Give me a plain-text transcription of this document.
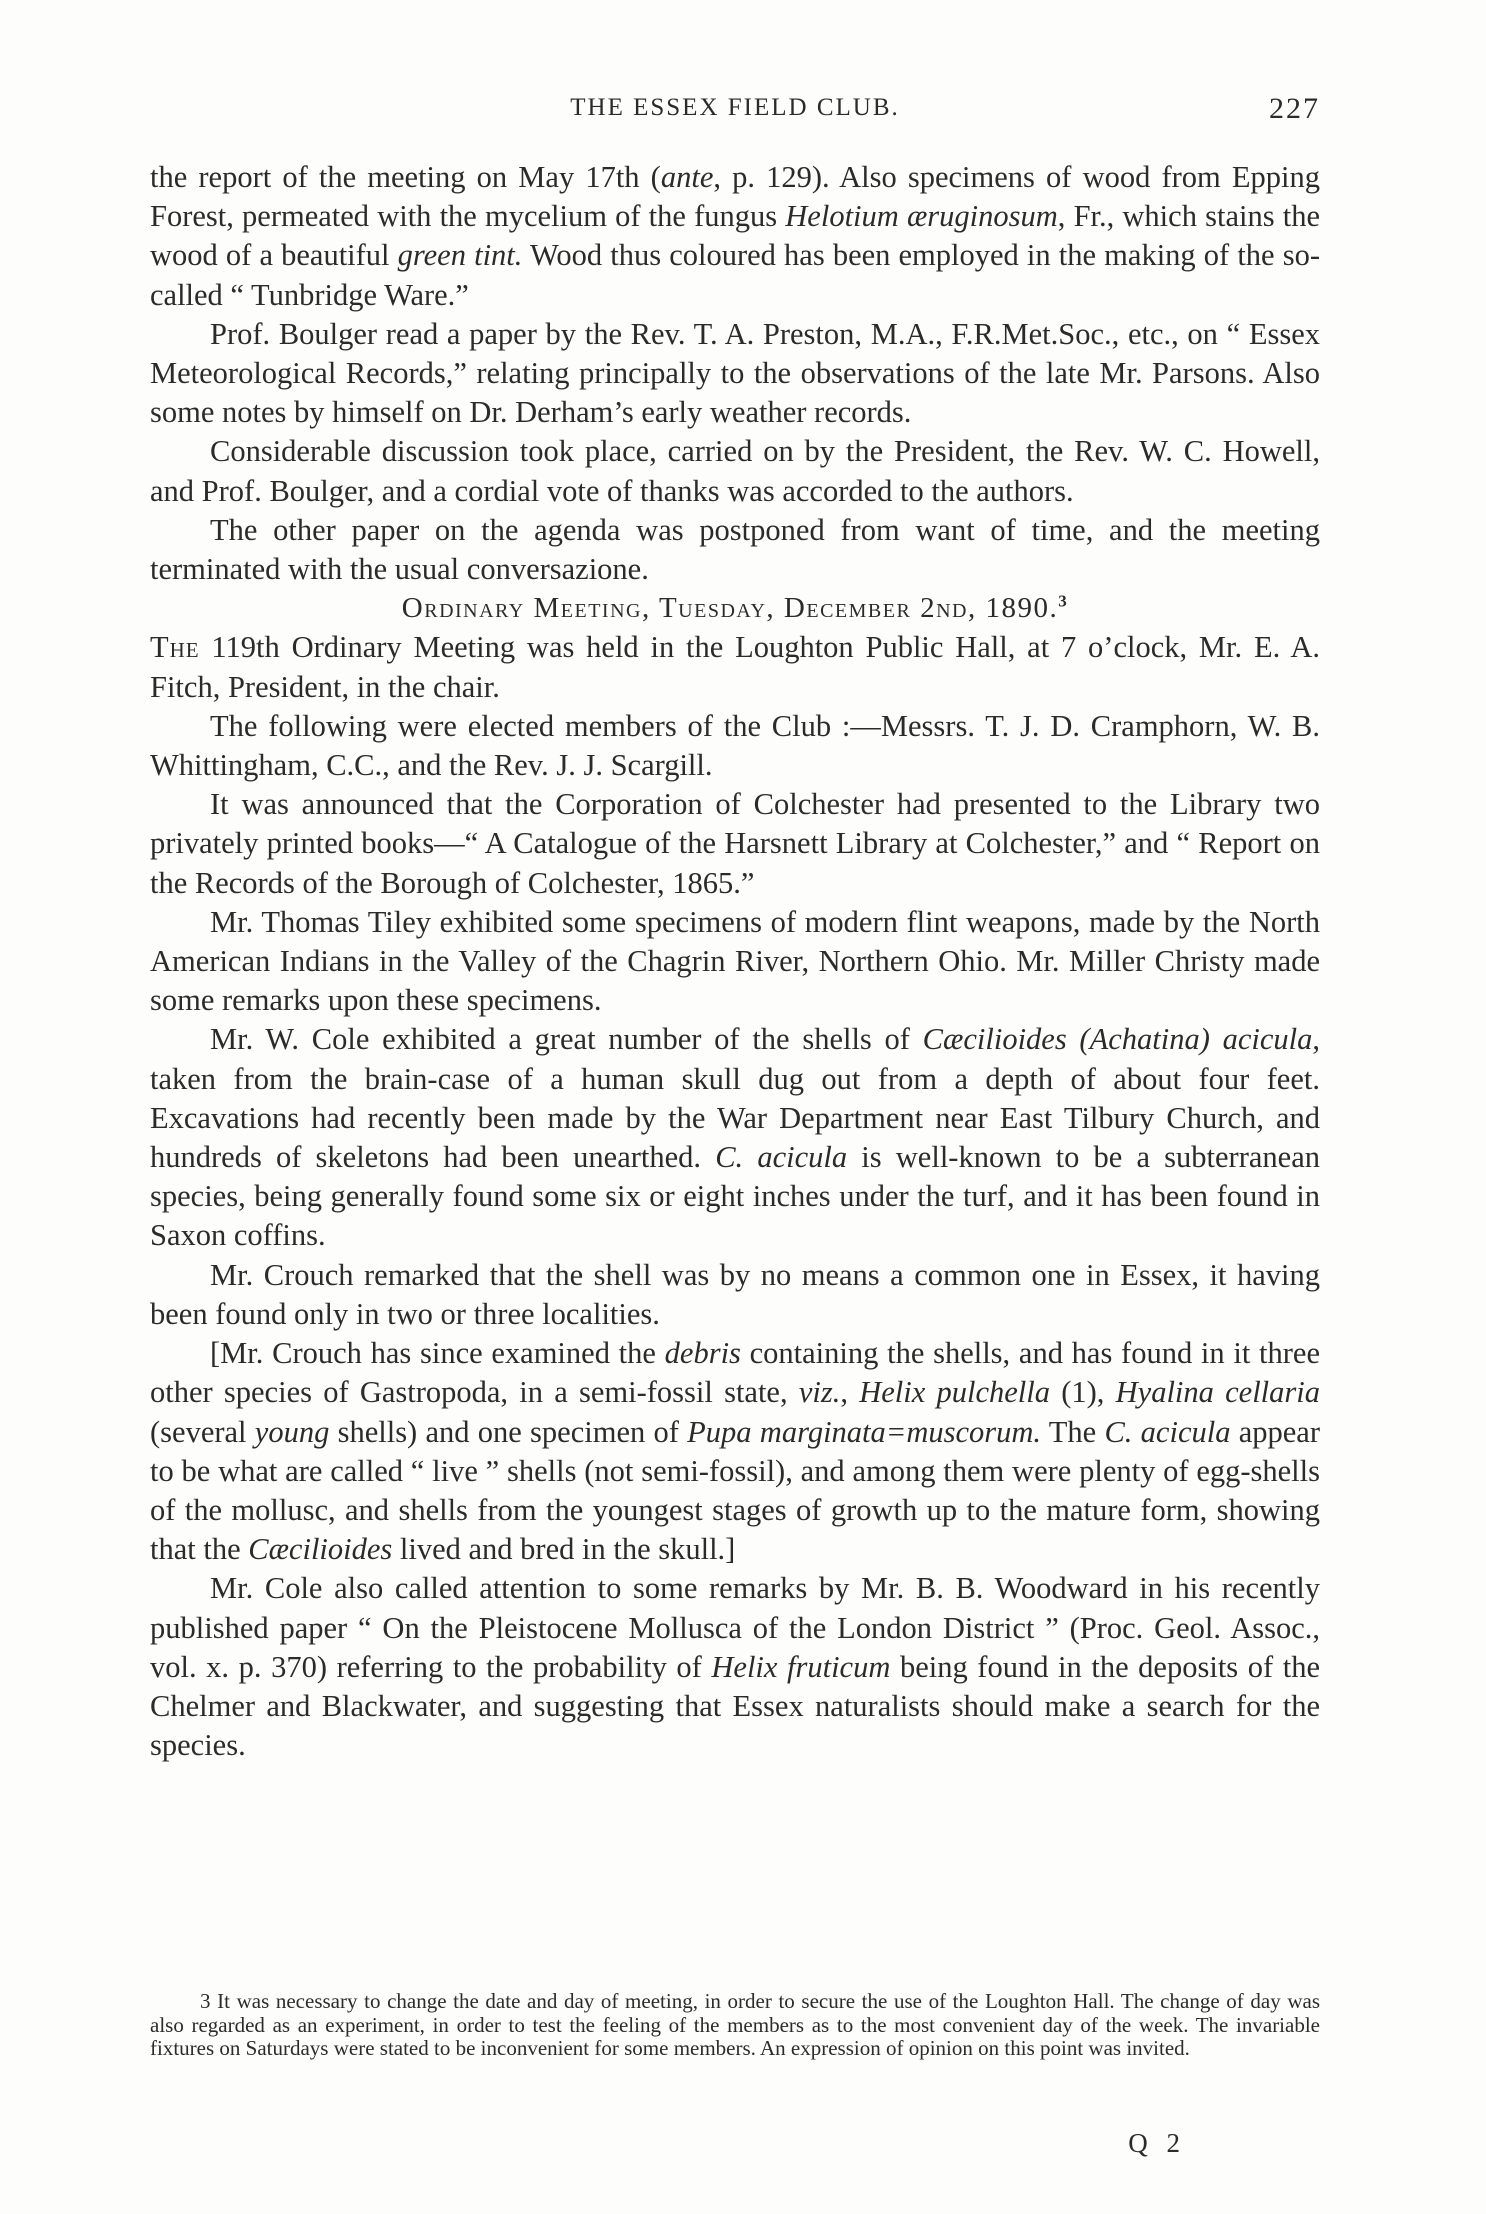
THE ESSEX FIELD CLUB.	227

the report of the meeting on May 17th (ante, p. 129). Also specimens of wood from Epping Forest, permeated with the mycelium of the fungus Helotium æruginosum, Fr., which stains the wood of a beautiful green tint. Wood thus coloured has been employed in the making of the so-called “ Tunbridge Ware.”

Prof. Boulger read a paper by the Rev. T. A. Preston, M.A., F.R.Met.Soc., etc., on “ Essex Meteorological Records,” relating principally to the observations of the late Mr. Parsons. Also some notes by himself on Dr. Derham’s early weather records.

Considerable discussion took place, carried on by the President, the Rev. W. C. Howell, and Prof. Boulger, and a cordial vote of thanks was accorded to the authors.

The other paper on the agenda was postponed from want of time, and the meeting terminated with the usual conversazione.

Ordinary Meeting, Tuesday, December 2nd, 1890.$^3$

The 119th Ordinary Meeting was held in the Loughton Public Hall, at 7 o’clock, Mr. E. A. Fitch, President, in the chair.

The following were elected members of the Club :—Messrs. T. J. D. Cramphorn, W. B. Whittingham, C.C., and the Rev. J. J. Scargill.

It was announced that the Corporation of Colchester had presented to the Library two privately printed books—“ A Catalogue of the Harsnett Library at Colchester,” and “ Report on the Records of the Borough of Colchester, 1865.”

Mr. Thomas Tiley exhibited some specimens of modern flint weapons, made by the North American Indians in the Valley of the Chagrin River, Northern Ohio. Mr. Miller Christy made some remarks upon these specimens.

Mr. W. Cole exhibited a great number of the shells of Cæcilioides (Achatina) acicula, taken from the brain-case of a human skull dug out from a depth of about four feet. Excavations had recently been made by the War Department near East Tilbury Church, and hundreds of skeletons had been unearthed. C. acicula is well-known to be a subterranean species, being generally found some six or eight inches under the turf, and it has been found in Saxon coffins.

Mr. Crouch remarked that the shell was by no means a common one in Essex, it having been found only in two or three localities.

[Mr. Crouch has since examined the debris containing the shells, and has found in it three other species of Gastropoda, in a semi-fossil state, viz., Helix pulchella (1), Hyalina cellaria (several young shells) and one specimen of Pupa marginata=muscorum. The C. acicula appear to be what are called “ live ” shells (not semi-fossil), and among them were plenty of egg-shells of the mollusc, and shells from the youngest stages of growth up to the mature form, showing that the Cæcilioides lived and bred in the skull.]

Mr. Cole also called attention to some remarks by Mr. B. B. Woodward in his recently published paper “ On the Pleistocene Mollusca of the London District ” (Proc. Geol. Assoc., vol. x. p. 370) referring to the probability of Helix fruticum being found in the deposits of the Chelmer and Blackwater, and suggesting that Essex naturalists should make a search for the species.

3 It was necessary to change the date and day of meeting, in order to secure the use of the Loughton Hall. The change of day was also regarded as an experiment, in order to test the feeling of the members as to the most convenient day of the week. The invariable fixtures on Saturdays were stated to be inconvenient for some members. An expression of opinion on this point was invited.

Q 2
